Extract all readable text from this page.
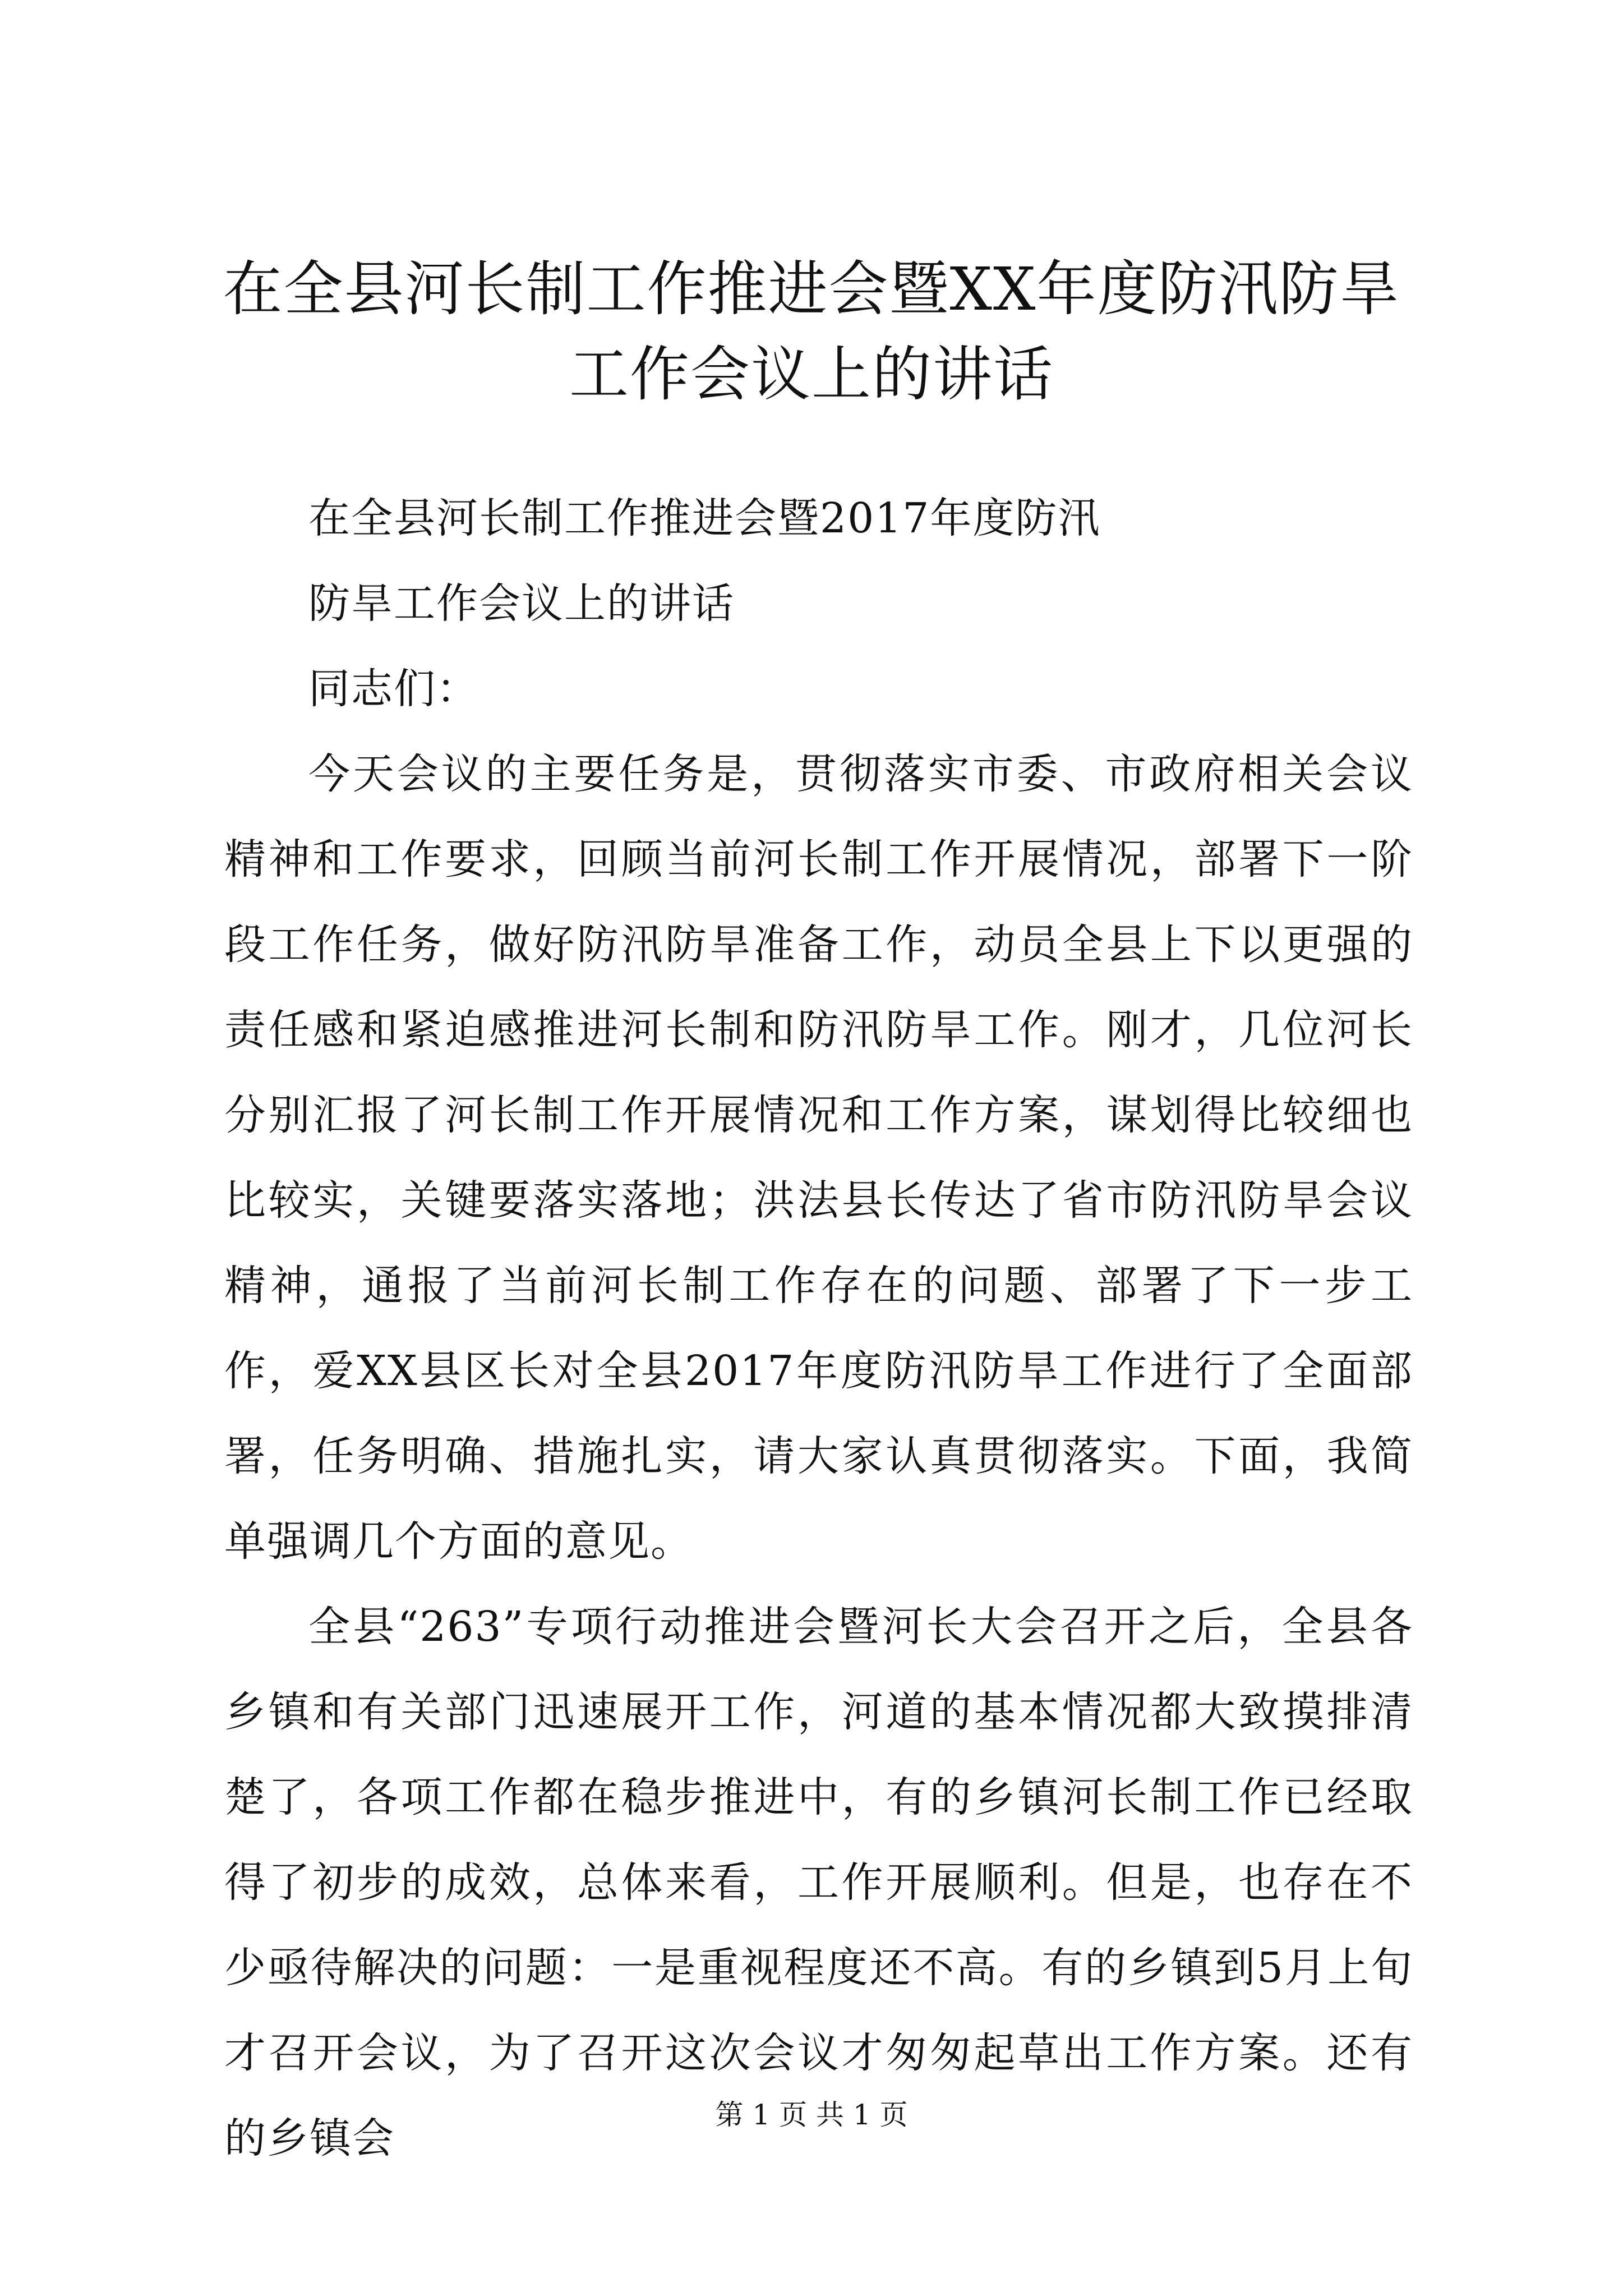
在全县河长制工作推进会暨XX年度防汛防旱工作会议上的讲话

在全县河长制工作推进会暨2017年度防汛

防旱工作会议上的讲话

同志们：

今天会议的主要任务是，贯彻落实市委、市政府相关会议精神和工作要求，回顾当前河长制工作开展情况，部署下一阶段工作任务，做好防汛防旱准备工作，动员全县上下以更强的责任感和紧迫感推进河长制和防汛防旱工作。刚才，几位河长分别汇报了河长制工作开展情况和工作方案，谋划得比较细也比较实，关键要落实落地；洪法县长传达了省市防汛防旱会议精神，通报了当前河长制工作存在的问题、部署了下一步工作，爱XX县区长对全县2017年度防汛防旱工作进行了全面部署，任务明确、措施扎实，请大家认真贯彻落实。下面，我简单强调几个方面的意见。

全县“263”专项行动推进会暨河长大会召开之后，全县各乡镇和有关部门迅速展开工作，河道的基本情况都大致摸排清楚了，各项工作都在稳步推进中，有的乡镇河长制工作已经取得了初步的成效，总体来看，工作开展顺利。但是，也存在不少亟待解决的问题：一是重视程度还不高。有的乡镇到5月上旬才召开会议，为了召开这次会议才匆匆起草出工作方案。还有的乡镇会	第 1 页 共 1 页
